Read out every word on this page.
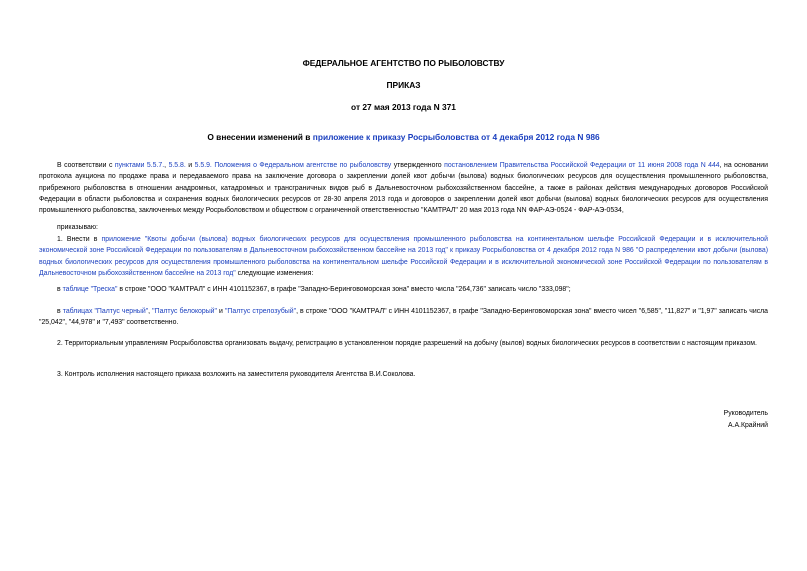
ФЕДЕРАЛЬНОЕ АГЕНТСТВО ПО РЫБОЛОВСТВУ
ПРИКАЗ
от 27 мая 2013 года N 371
О внесении изменений в приложение к приказу Росрыболовства от 4 декабря 2012 года N 986
В соответствии с пунктами 5.5.7., 5.5.8. и 5.5.9. Положения о Федеральном агентстве по рыболовству утвержденного постановлением Правительства Российской Федерации от 11 июня 2008 года N 444, на основании протокола аукциона по продаже права и передаваемого права на заключение договора о закреплении долей квот добычи (вылова) водных биологических ресурсов для осуществления промышленного рыболовства, прибрежного рыболовства в отношении анадромных, катадромных и трансграничных видов рыб в Дальневосточном рыбохозяйственном бассейне, а также в районах действия международных договоров Российской Федерации в области рыболовства и сохранения водных биологических ресурсов от 28-30 апреля 2013 года и договоров о закреплении долей квот добычи (вылова) водных биологических ресурсов для осуществления промышленного рыболовства, заключенных между Росрыболовством и обществом с ограниченной ответственностью "КАМТРАЛ" 20 мая 2013 года NN ФАР-АЭ-0524 - ФАР-АЭ-0534,
приказываю:
1. Внести в приложение "Квоты добычи (вылова) водных биологических ресурсов для осуществления промышленного рыболовства на континентальном шельфе Российской Федерации и в исключительной экономической зоне Российской Федерации по пользователям в Дальневосточном рыбохозяйственном бассейне на 2013 год" к приказу Росрыболовства от 4 декабря 2012 года N 986 "О распределении квот добычи (вылова) водных биологических ресурсов для осуществления промышленного рыболовства на континентальном шельфе Российской Федерации и в исключительной экономической зоне Российской Федерации по пользователям в Дальневосточном рыбохозяйственном бассейне на 2013 год" следующие изменения:
в таблице "Треска" в строке "ООО "КАМТРАЛ" с ИНН 4101152367, в графе "Западно-Беринговоморская зона" вместо числа "264,736" записать число "333,098";
в таблицах "Палтус черный", "Палтус белокорый" и "Палтус стрелозубый", в строке "ООО "КАМТРАЛ" с ИНН 4101152367, в графе "Западно-Беринговоморская зона" вместо чисел "6,585", "11,827" и "1,97" записать числа "25,042", "44,978" и "7,493" соответственно.
2. Территориальным управлениям Росрыболовства организовать выдачу, регистрацию в установленном порядке разрешений на добычу (вылов) водных биологических ресурсов в соответствии с настоящим приказом.
3. Контроль исполнения настоящего приказа возложить на заместителя руководителя Агентства В.И.Соколова.
Руководитель
А.А.Крайний
